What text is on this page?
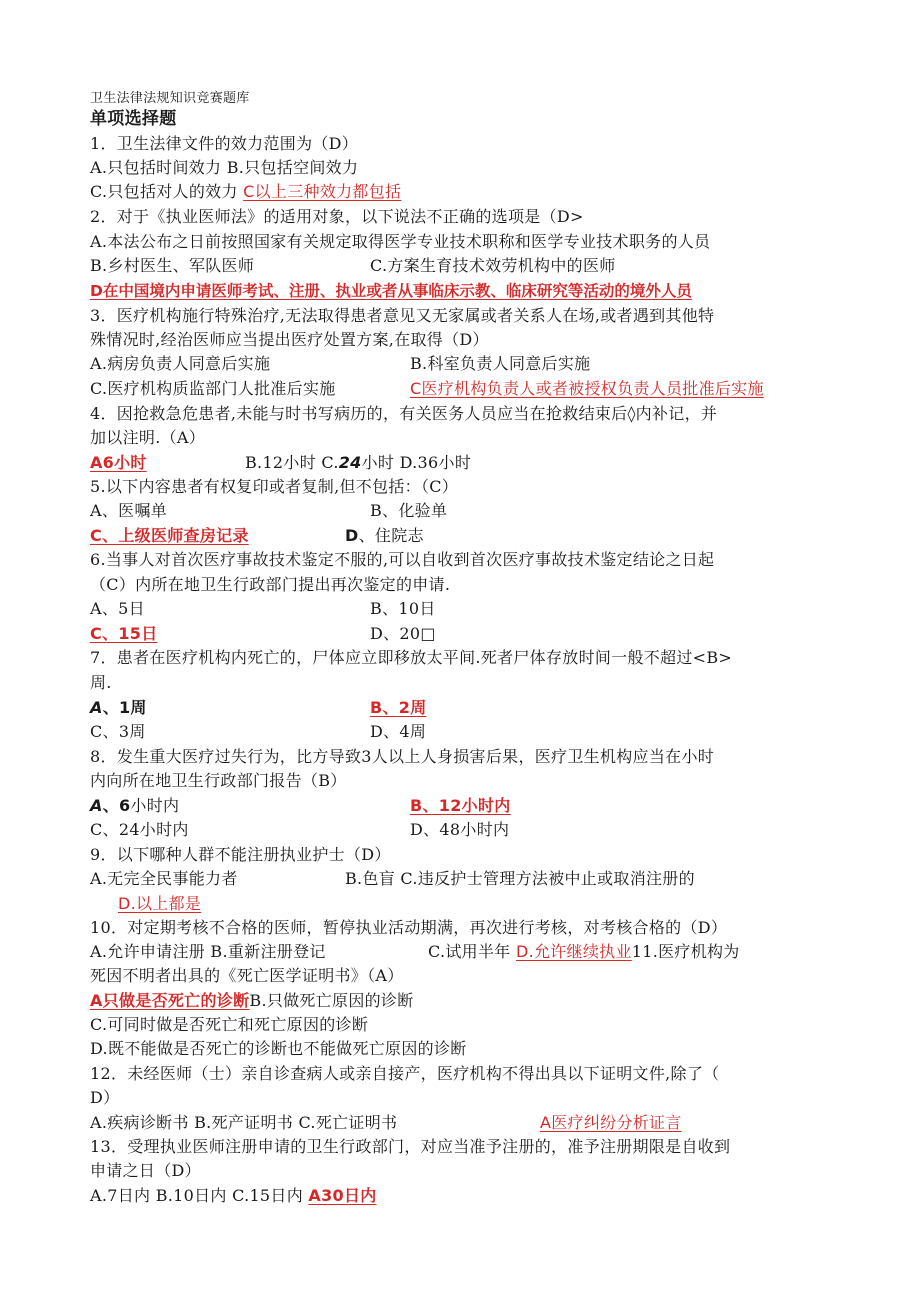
卫生法律法规知识竞赛题库
单项选择题
1．卫生法律文件的效力范围为（D）
A.只包括时间效力 B.只包括空间效力
C.只包括对人的效力 C以上三种效力都包括
2．对于《执业医师法》的适用对象，以下说法不正确的选项是（D>
A.本法公布之日前按照国家有关规定取得医学专业技术职称和医学专业技术职务的人员
B.乡村医生、军队医师	C.方案生育技术效劳机构中的医师
D在中国境内申请医师考试、注册、执业或者从事临床示教、临床研究等活动的境外人员
3．医疗机构施行特殊治疗,无法取得患者意见又无家属或者关系人在场,或者遇到其他特
殊情况时,经治医师应当提出医疗处置方案,在取得（D）
A.病房负责人同意后实施	B.科室负责人同意后实施
C.医疗机构质监部门人批准后实施	C医疗机构负责人或者被授权负责人员批准后实施
4．因抢救急危患者,未能与时书写病历的，有关医务人员应当在抢救结束后◊内补记，并
加以注明.（A）
A6小时	B.12小时 C.24小时 D.36小时
5.以下内容患者有权复印或者复制,但不包括：（C）
A、医嘱单	B、化验单
C、上级医师查房记录	D、住院志
6.当事人对首次医疗事故技术鉴定不服的,可以自收到首次医疗事故技术鉴定结论之日起
（C）内所在地卫生行政部门提出再次鉴定的申请.
A、5日	B、10日
C、15日	D、20□
7．患者在医疗机构内死亡的，尸体应立即移放太平间.死者尸体存放时间一般不超过<B>
周.
A、1周	B、2周
C、3周	D、4周
8．发生重大医疗过失行为，比方导致3人以上人身损害后果，医疗卫生机构应当在小时
内向所在地卫生行政部门报告（B）
A、6小时内	B、12小时内
C、24小时内	D、48小时内
9．以下哪种人群不能注册执业护士（D）
A.无完全民事能力者	B.色盲 C.违反护士管理方法被中止或取消注册的
D.以上都是
10．对定期考核不合格的医师，暂停执业活动期满，再次进行考核，对考核合格的（D）
A.允许申请注册 B.重新注册登记	C.试用半年 D.允许继续执业11.医疗机构为
死因不明者出具的《死亡医学证明书》（A）
A只做是否死亡的诊断B.只做死亡原因的诊断
C.可同时做是否死亡和死亡原因的诊断
D.既不能做是否死亡的诊断也不能做死亡原因的诊断
12．未经医师（士）亲自诊查病人或亲自接产，医疗机构不得出具以下证明文件,除了（
D）
A.疾病诊断书 B.死产证明书 C.死亡证明书	A医疗纠纷分析证言
13．受理执业医师注册申请的卫生行政部门，对应当准予注册的，准予注册期限是自收到
申请之日（D）
A.7日内 B.10日内 C.15日内 A30日内
